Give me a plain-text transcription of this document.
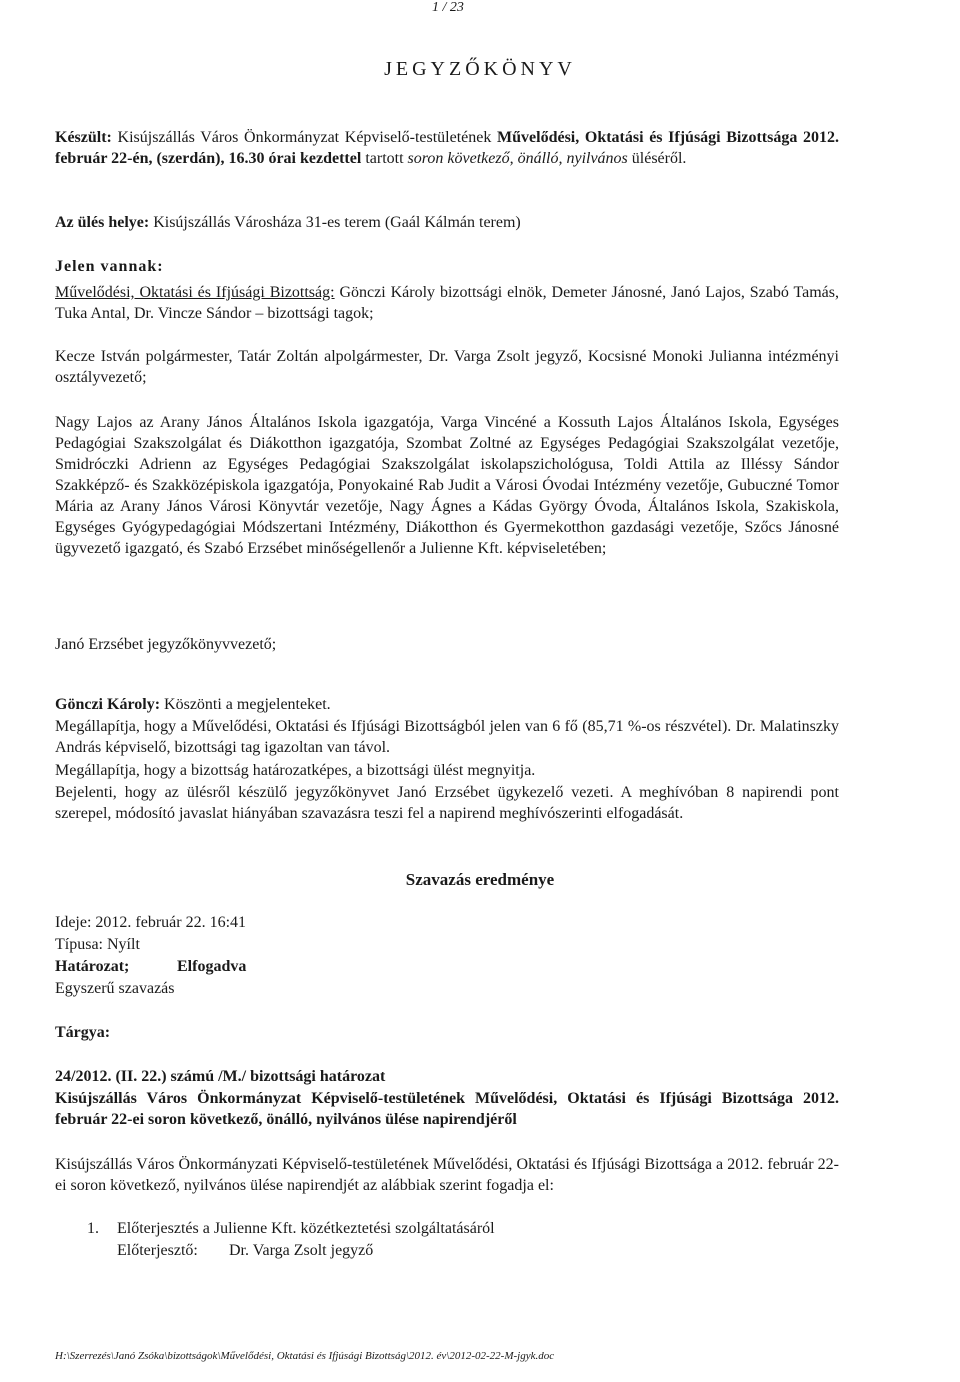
1 / 23
JEGYZŐKÖNYV
Készült: Kisújszállás Város Önkormányzat Képviselő-testületének Művelődési, Oktatási és Ifjúsági Bizottsága 2012. február 22-én, (szerdán), 16.30 órai kezdettel tartott soron következő, önálló, nyilvános üléséről.
Az ülés helye: Kisújszállás Városháza 31-es terem (Gaál Kálmán terem)
Jelen vannak:
Művelődési, Oktatási és Ifjúsági Bizottság: Gönczi Károly bizottsági elnök, Demeter Jánosné, Janó Lajos, Szabó Tamás, Tuka Antal, Dr. Vincze Sándor – bizottsági tagok;
Kecze István polgármester, Tatár Zoltán alpolgármester, Dr. Varga Zsolt jegyző, Kocsisné Monoki Julianna intézményi osztályvezető;
Nagy Lajos az Arany János Általános Iskola igazgatója, Varga Vincéné a Kossuth Lajos Általános Iskola, Egységes Pedagógiai Szakszolgálat és Diákotthon igazgatója, Szombat Zoltné az Egységes Pedagógiai Szakszolgálat vezetője, Smidróczki Adrienn az Egységes Pedagógiai Szakszolgálat iskolapszichológusa, Toldi Attila az Illéssy Sándor Szakképző- és Szakközépiskola igazgatója, Ponyokainé Rab Judit a Városi Óvodai Intézmény vezetője, Gubuczné Tomor Mária az Arany János Városi Könyvtár vezetője, Nagy Ágnes a Kádas György Óvoda, Általános Iskola, Szakiskola, Egységes Gyógypedagógiai Módszertani Intézmény, Diákotthon és Gyermekotthon gazdasági vezetője, Szőcs Jánosné ügyvezető igazgató, és Szabó Erzsébet minőségellenőr a Julienne Kft. képviseletében;
Janó Erzsébet jegyzőkönyvvezető;
Gönczi Károly: Köszönti a megjelenteket.
Megállapítja, hogy a Művelődési, Oktatási és Ifjúsági Bizottságból jelen van 6 fő (85,71 %-os részvétel). Dr. Malatinszky András képviselő, bizottsági tag igazoltan van távol.
Megállapítja, hogy a bizottság határozatképes, a bizottsági ülést megnyitja.
Bejelenti, hogy az ülésről készülő jegyzőkönyvet Janó Erzsébet ügykezelő vezeti. A meghívóban 8 napirendi pont szerepel, módosító javaslat hiányában szavazásra teszi fel a napirend meghívószerinti elfogadását.
Szavazás eredménye
Ideje: 2012. február 22. 16:41
Típusa: Nyílt
Határozat;	Elfogadva
Egyszerű szavazás
Tárgya:
24/2012. (II. 22.) számú /M./ bizottsági határozat
Kisújszállás Város Önkormányzat Képviselő-testületének Művelődési, Oktatási és Ifjúsági Bizottsága 2012. február 22-ei soron következő, önálló, nyilvános ülése napirendjéről
Kisújszállás Város Önkormányzati Képviselő-testületének Művelődési, Oktatási és Ifjúsági Bizottsága a 2012. február 22-ei soron következő, nyilvános ülése napirendjét az alábbiak szerint fogadja el:
1. Előterjesztés a Julienne Kft. közétkeztetési szolgáltatásáról
Előterjesztő: Dr. Varga Zsolt jegyző
H:\Szerrezés\Janó Zsóka\bizottságok\Művelődési, Oktatási és Ifjúsági Bizottság\2012. év\2012-02-22-M-jgyk.doc
